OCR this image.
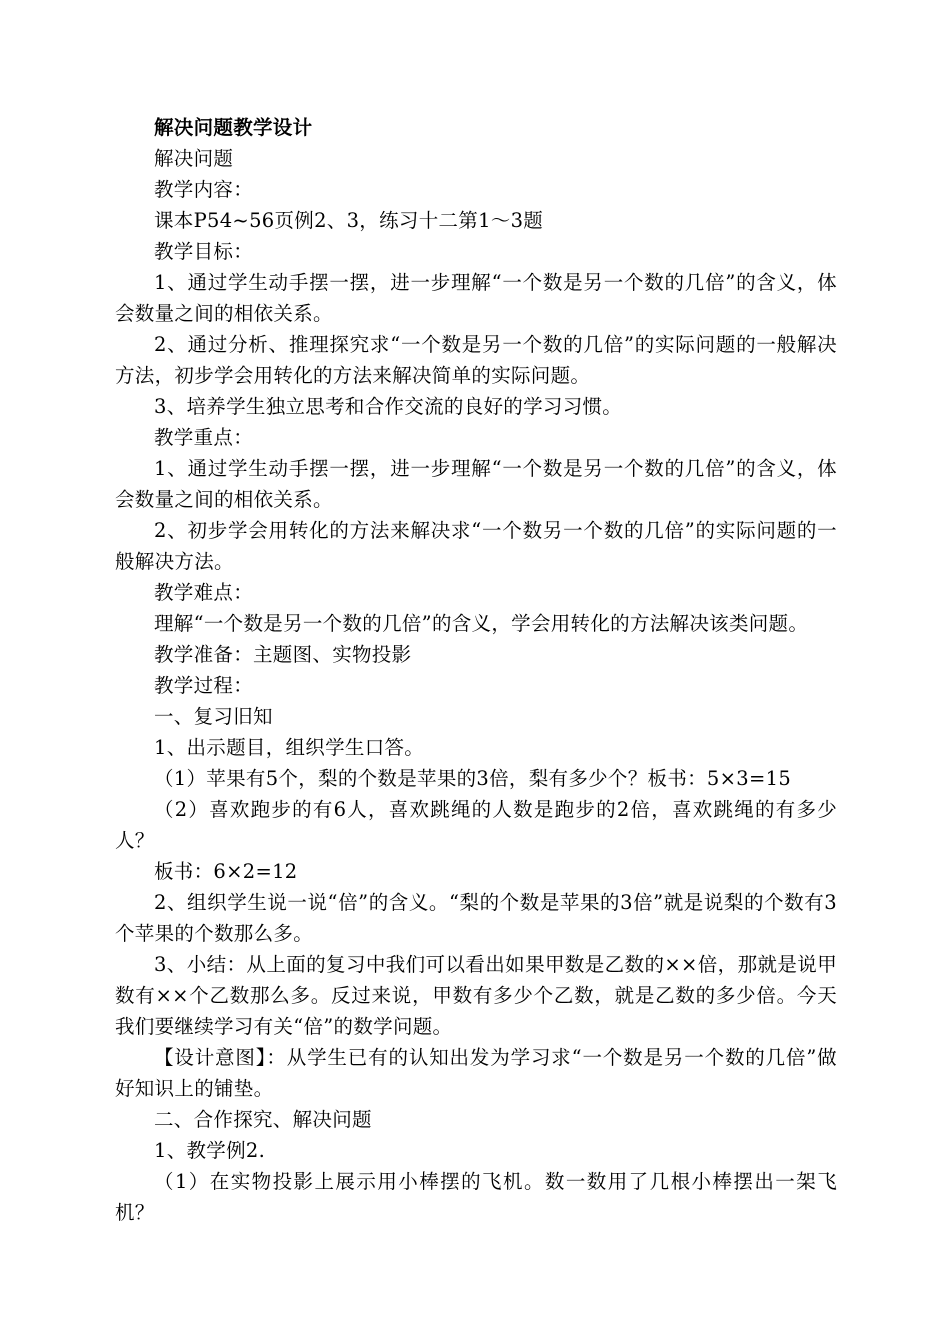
解决问题教学设计

解决问题

教学内容：

课本P54~56页例2、3，练习十二第1～3题

教学目标：

1、通过学生动手摆一摆，进一步理解“一个数是另一个数的几倍”的含义，体会数量之间的相依关系。

2、通过分析、推理探究求“一个数是另一个数的几倍”的实际问题的一般解决方法，初步学会用转化的方法来解决简单的实际问题。

3、培养学生独立思考和合作交流的良好的学习习惯。

教学重点：

1、通过学生动手摆一摆，进一步理解“一个数是另一个数的几倍”的含义，体会数量之间的相依关系。

2、初步学会用转化的方法来解决求“一个数另一个数的几倍”的实际问题的一般解决方法。

教学难点：

理解“一个数是另一个数的几倍”的含义，学会用转化的方法解决该类问题。

教学准备：主题图、实物投影

教学过程：

一、复习旧知

1、出示题目，组织学生口答。

（1）苹果有5个，梨的个数是苹果的3倍，梨有多少个？板书：5×3=15

（2）喜欢跑步的有6人，喜欢跳绳的人数是跑步的2倍，喜欢跳绳的有多少人？

板书：6×2=12

2、组织学生说一说“倍”的含义。“梨的个数是苹果的3倍”就是说梨的个数有3个苹果的个数那么多。

3、小结：从上面的复习中我们可以看出如果甲数是乙数的××倍，那就是说甲数有××个乙数那么多。反过来说，甲数有多少个乙数，就是乙数的多少倍。今天我们要继续学习有关“倍”的数学问题。

【设计意图】：从学生已有的认知出发为学习求“一个数是另一个数的几倍”做好知识上的铺垫。

二、合作探究、解决问题

1、教学例2.

（1）在实物投影上展示用小棒摆的飞机。数一数用了几根小棒摆出一架飞机？
